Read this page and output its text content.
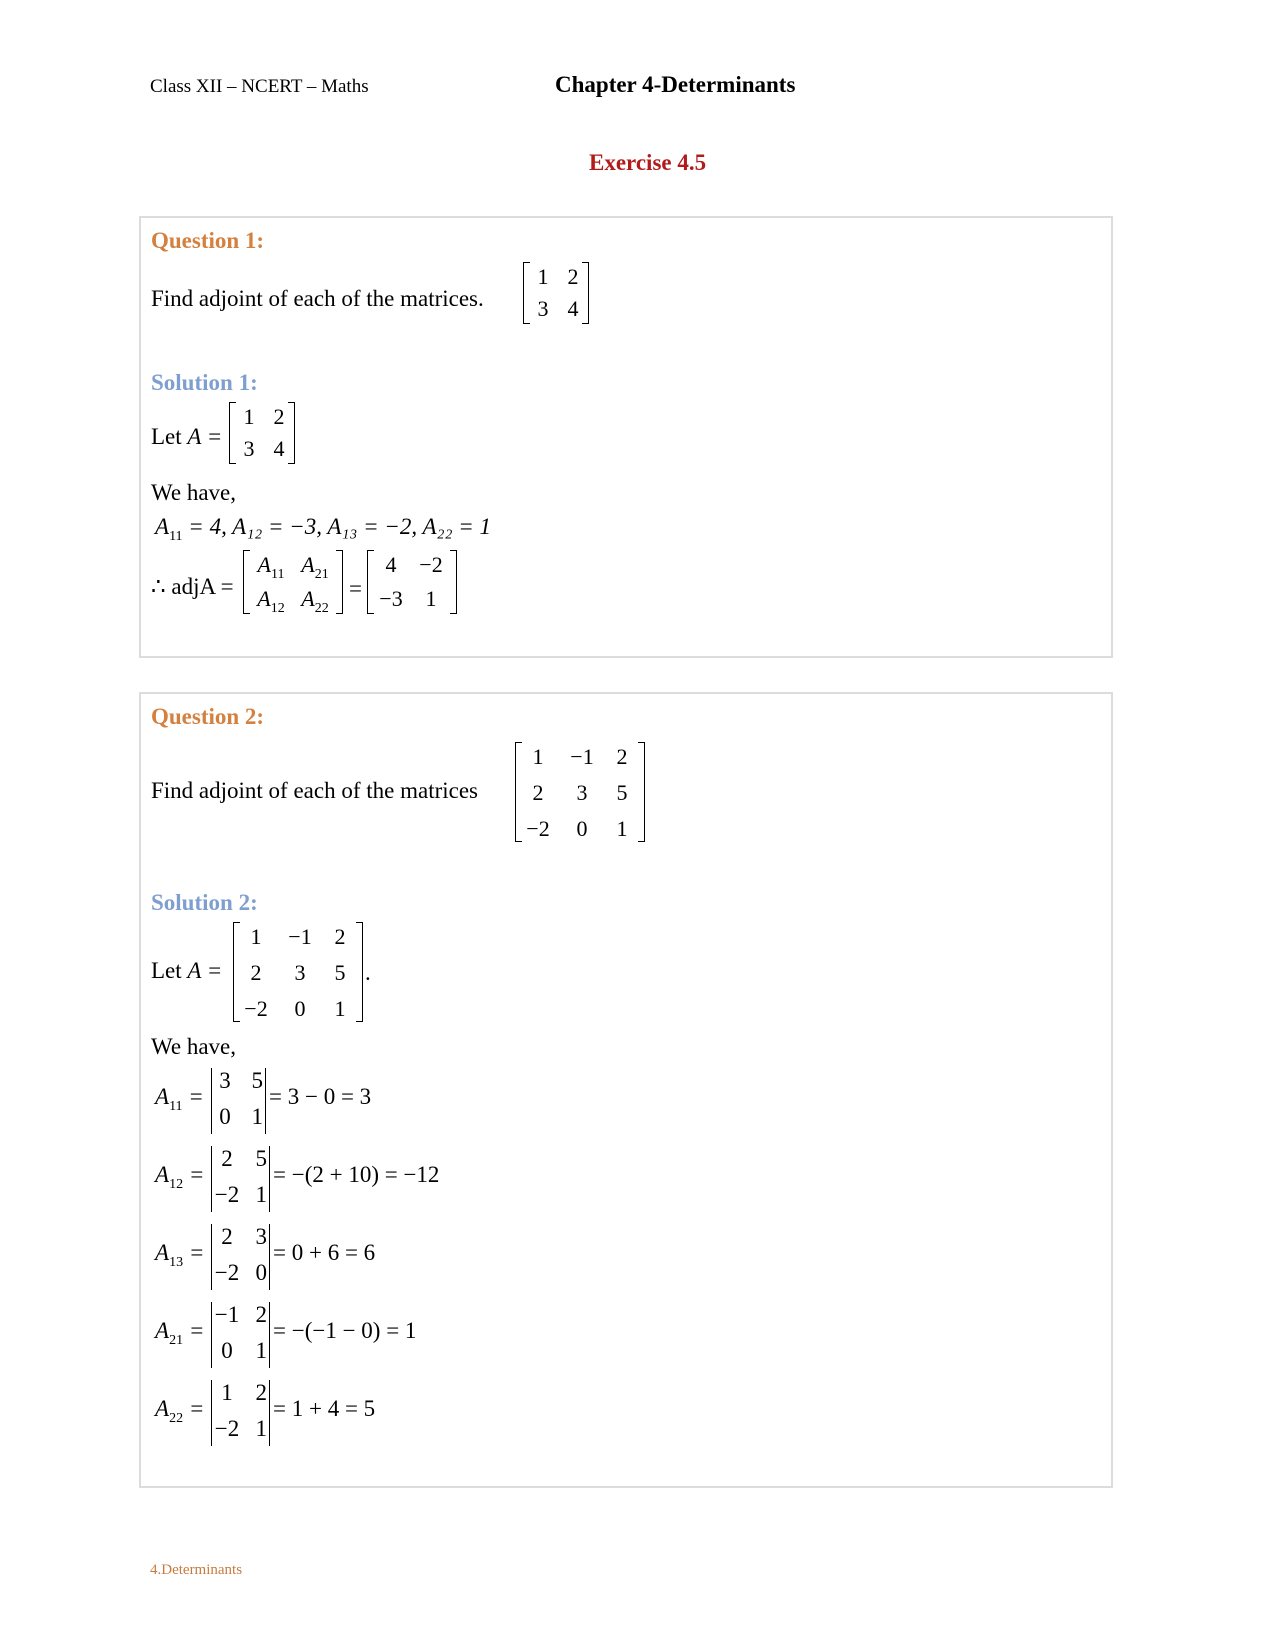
Class XII – NCERT – Maths	Chapter 4-Determinants
Exercise 4.5
Question 1:
Find adjoint of each of the matrices.
1 2
3 4
Solution 1:
Let A =
1 2
3 4
We have,
$A_{11} = 4$, A₁₂ = −3, A₁₃ = −2, A₂₂ = 1
∴ adjA =
$A_{11}$ $A_{21}$
$A_{12}$ $A_{22}$
=
4	−2
−3	1
Question 2:
Find adjoint of each of the matrices
1	−1	2
2	3	5
−2	0	1
Solution 2:
Let A =
1	−1	2
2	3	5
−2	0	1
.
We have,
$A_{11}$ =
3 5
0 1
= 3 − 0 = 3
$A_{12}$ =
2 5
−2 1
= −(2 + 10) = −12
$A_{13}$ =
2 3
−2 0
= 0 + 6 = 6
$A_{21}$ =
−1 2
0 1
= −(−1 − 0) = 1
$A_{22}$ =
1 2
−2 1
= 1 + 4 = 5
4.Determinants
